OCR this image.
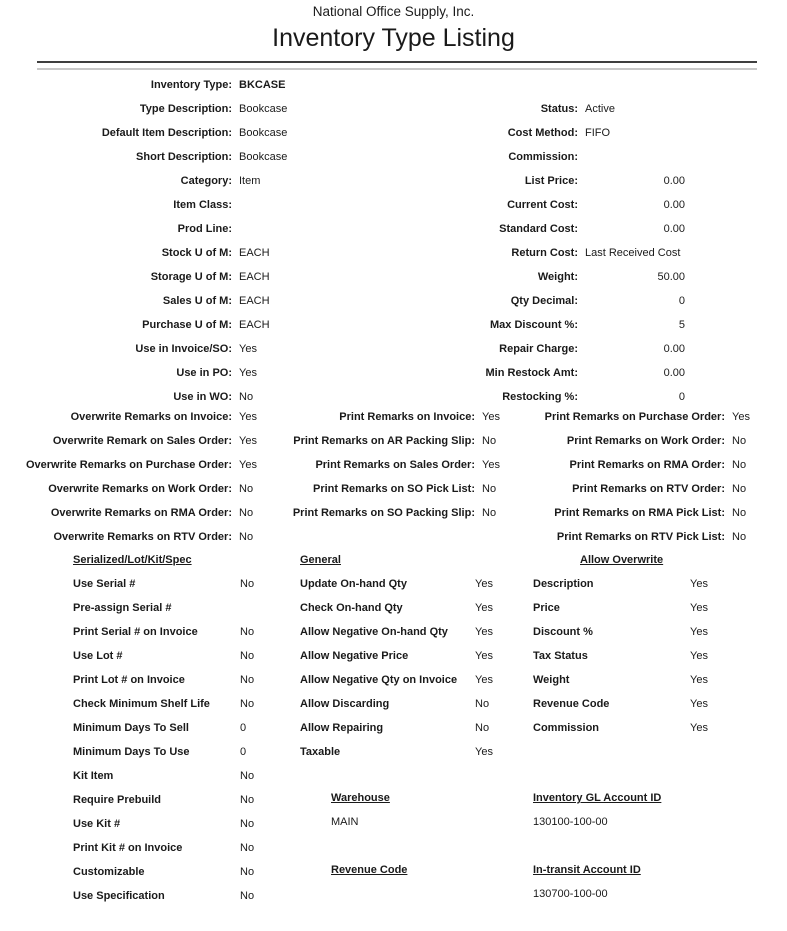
National Office Supply, Inc.
Inventory Type Listing
Inventory Type: BKCASE
Type Description: Bookcase
Default Item Description: Bookcase
Short Description: Bookcase
Category: Item
Item Class:
Prod Line:
Stock U of M: EACH
Storage U of M: EACH
Sales U of M: EACH
Purchase U of M: EACH
Use in Invoice/SO: Yes
Use in PO: Yes
Use in WO: No
Status: Active
Cost Method: FIFO
Commission:
List Price:	0.00
Current Cost:	0.00
Standard Cost:	0.00
Return Cost: Last Received Cost
Weight:	50.00
Qty Decimal:	0
Max Discount %:	5
Repair Charge:	0.00
Min Restock Amt:	0.00
Restocking %:	0
Overwrite Remarks on Invoice: Yes
Overwrite Remark on Sales Order: Yes
Overwrite Remarks on Purchase Order: Yes
Overwrite Remarks on Work Order: No
Overwrite Remarks on RMA Order: No
Overwrite Remarks on RTV Order: No
Print Remarks on Invoice: Yes
Print Remarks on AR Packing Slip: No
Print Remarks on Sales Order: Yes
Print Remarks on SO Pick List: No
Print Remarks on SO Packing Slip: No
Print Remarks on Purchase Order: Yes
Print Remarks on Work Order: No
Print Remarks on RMA Order: No
Print Remarks on RTV Order: No
Print Remarks on RMA Pick List: No
Print Remarks on RTV Pick List: No
Serialized/Lot/Kit/Spec	General	Allow Overwrite
Use Serial #	No
Pre-assign Serial #
Print Serial # on Invoice	No
Use Lot #	No
Print Lot # on Invoice	No
Check Minimum Shelf Life	No
Minimum Days To Sell	0
Minimum Days To Use	0
Kit Item	No
Require Prebuild	No
Use Kit #	No
Print Kit # on Invoice	No
Customizable	No
Use Specification	No
Update On-hand Qty	Yes
Check On-hand Qty	Yes
Allow Negative On-hand Qty	Yes
Allow Negative Price	Yes
Allow Negative Qty on Invoice	Yes
Allow Discarding	No
Allow Repairing	No
Taxable	Yes
Description	Yes
Price	Yes
Discount %	Yes
Tax Status	Yes
Weight	Yes
Revenue Code	Yes
Commission	Yes
Warehouse
MAIN
Revenue Code
Inventory GL Account ID
130100-100-00
In-transit Account ID
130700-100-00
